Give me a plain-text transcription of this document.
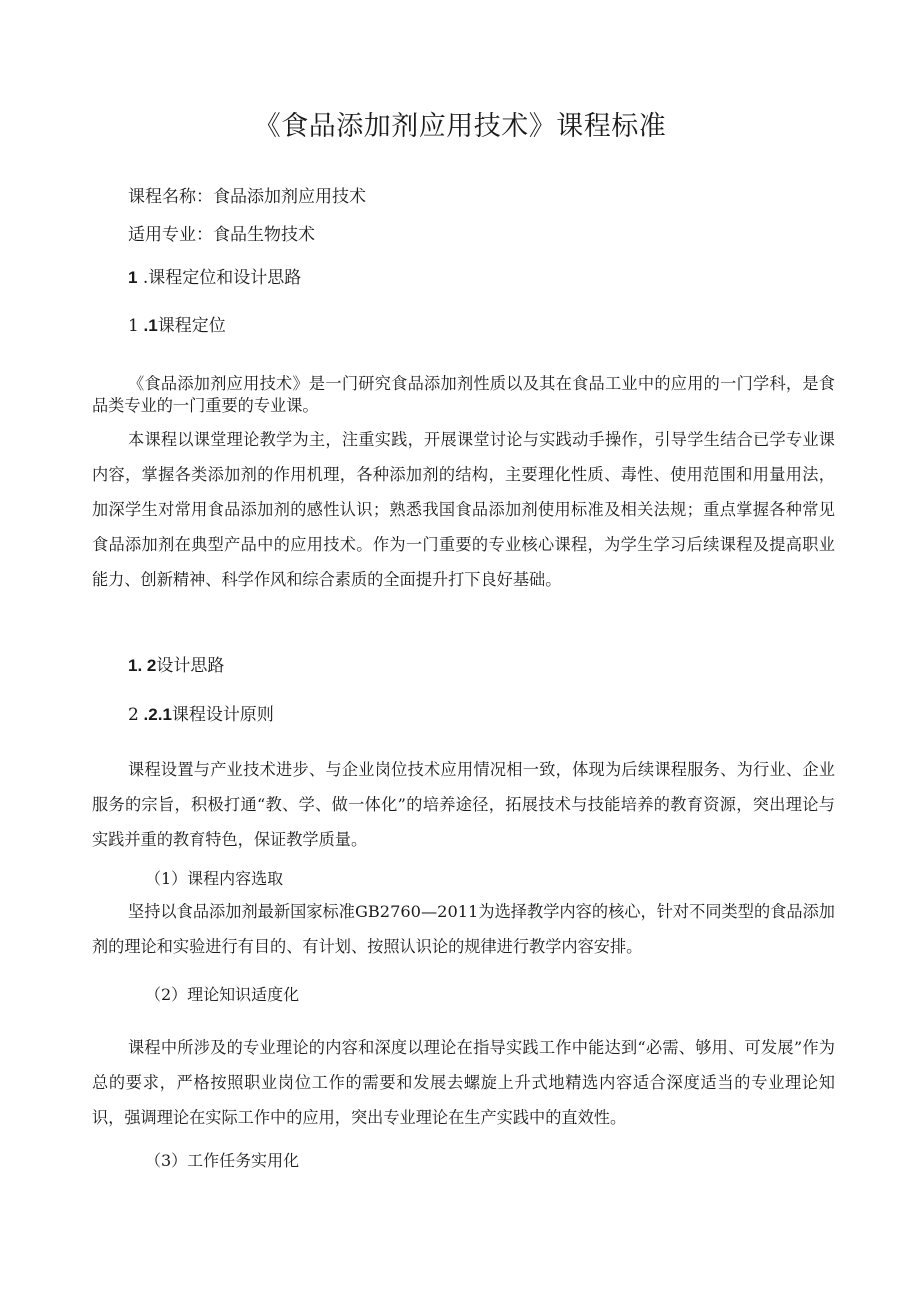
《食品添加剂应用技术》课程标准
课程名称：食品添加剂应用技术
适用专业：食品生物技术
1 .课程定位和设计思路
1 .1课程定位
《食品添加剂应用技术》是一门研究食品添加剂性质以及其在食品工业中的应用的一门学科，是食品类专业的一门重要的专业课。
本课程以课堂理论教学为主，注重实践，开展课堂讨论与实践动手操作，引导学生结合已学专业课内容，掌握各类添加剂的作用机理，各种添加剂的结构，主要理化性质、毒性、使用范围和用量用法，加深学生对常用食品添加剂的感性认识；熟悉我国食品添加剂使用标准及相关法规；重点掌握各种常见食品添加剂在典型产品中的应用技术。作为一门重要的专业核心课程，为学生学习后续课程及提高职业能力、创新精神、科学作风和综合素质的全面提升打下良好基础。
1. 2设计思路
2 .2.1课程设计原则
课程设置与产业技术进步、与企业岗位技术应用情况相一致，体现为后续课程服务、为行业、企业服务的宗旨，积极打通“教、学、做一体化”的培养途径，拓展技术与技能培养的教育资源，突出理论与实践并重的教育特色，保证教学质量。
（1）课程内容选取
坚持以食品添加剂最新国家标准GB2760—2011为选择教学内容的核心，针对不同类型的食品添加剂的理论和实验进行有目的、有计划、按照认识论的规律进行教学内容安排。
（2）理论知识适度化
课程中所涉及的专业理论的内容和深度以理论在指导实践工作中能达到“必需、够用、可发展”作为总的要求，严格按照职业岗位工作的需要和发展去螺旋上升式地精选内容适合深度适当的专业理论知识，强调理论在实际工作中的应用，突出专业理论在生产实践中的直效性。
（3）工作任务实用化
